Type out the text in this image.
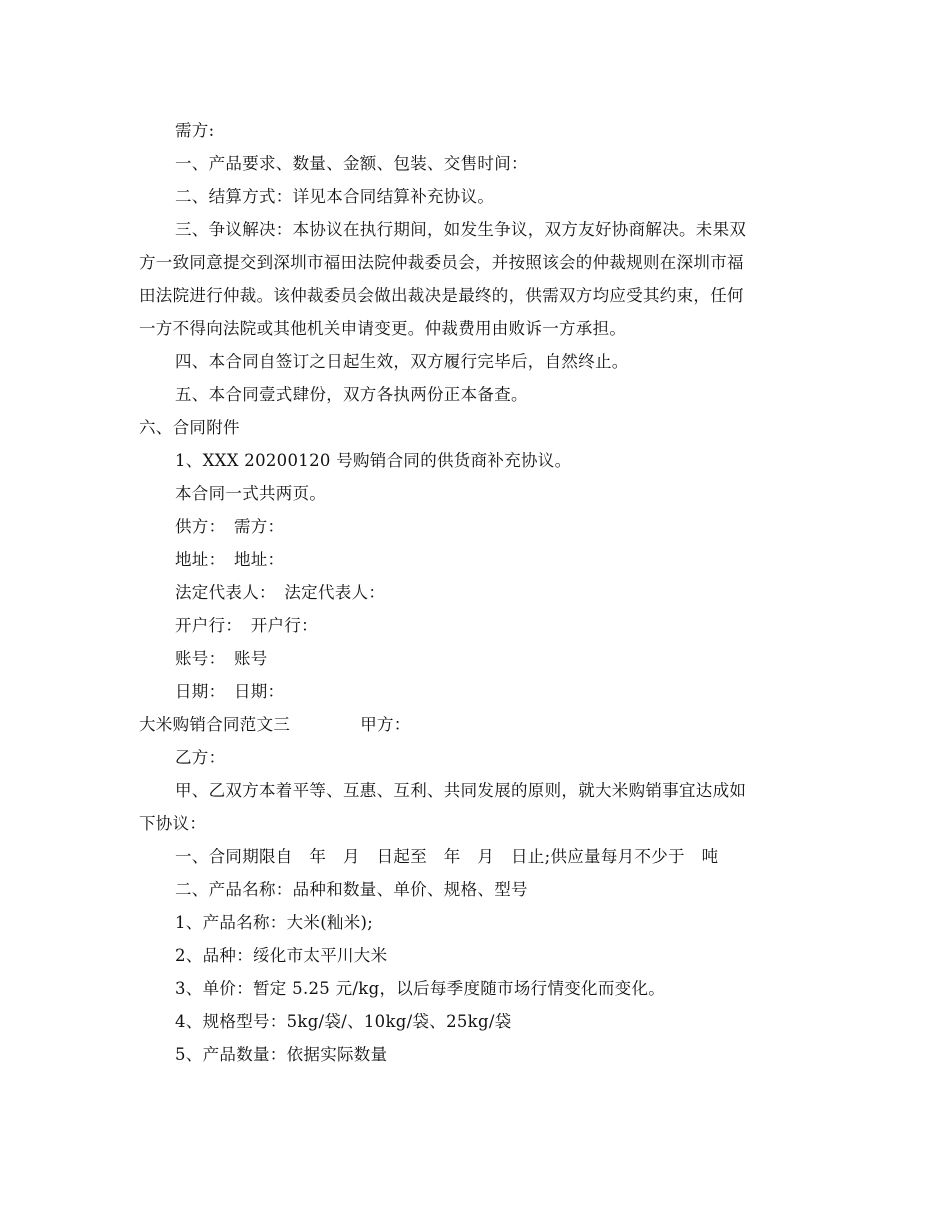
需方:
一、产品要求、数量、金额、包装、交售时间：
二、结算方式：详见本合同结算补充协议。
三、争议解决：本协议在执行期间，如发生争议，双方友好协商解决。未果双
方一致同意提交到深圳市福田法院仲裁委员会，并按照该会的仲裁规则在深圳市福
田法院进行仲裁。该仲裁委员会做出裁决是最终的，供需双方均应受其约束，任何
一方不得向法院或其他机关申请变更。仲裁费用由败诉一方承担。
四、本合同自签订之日起生效，双方履行完毕后，自然终止。
五、本合同壹式肆份，双方各执两份正本备查。
六、合同附件
1、XXX 20200120 号购销合同的供货商补充协议。
本合同一式共两页。
供方：　需方：
地址：　地址：
法定代表人：　法定代表人：
开户行：　开户行：
账号：　账号
日期：　日期：
大米购销合同范文三	甲方：
乙方：
甲、乙双方本着平等、互惠、互利、共同发展的原则，就大米购销事宜达成如
下协议：
一、合同期限自　年　月　日起至　年　月　日止;供应量每月不少于　吨
二、产品名称：品种和数量、单价、规格、型号
1、产品名称：大米(籼米);
2、品种：绥化市太平川大米
3、单价：暂定 5.25 元/kg，以后每季度随市场行情变化而变化。
4、规格型号：5kg/袋/、10kg/袋、25kg/袋
5、产品数量：依据实际数量
